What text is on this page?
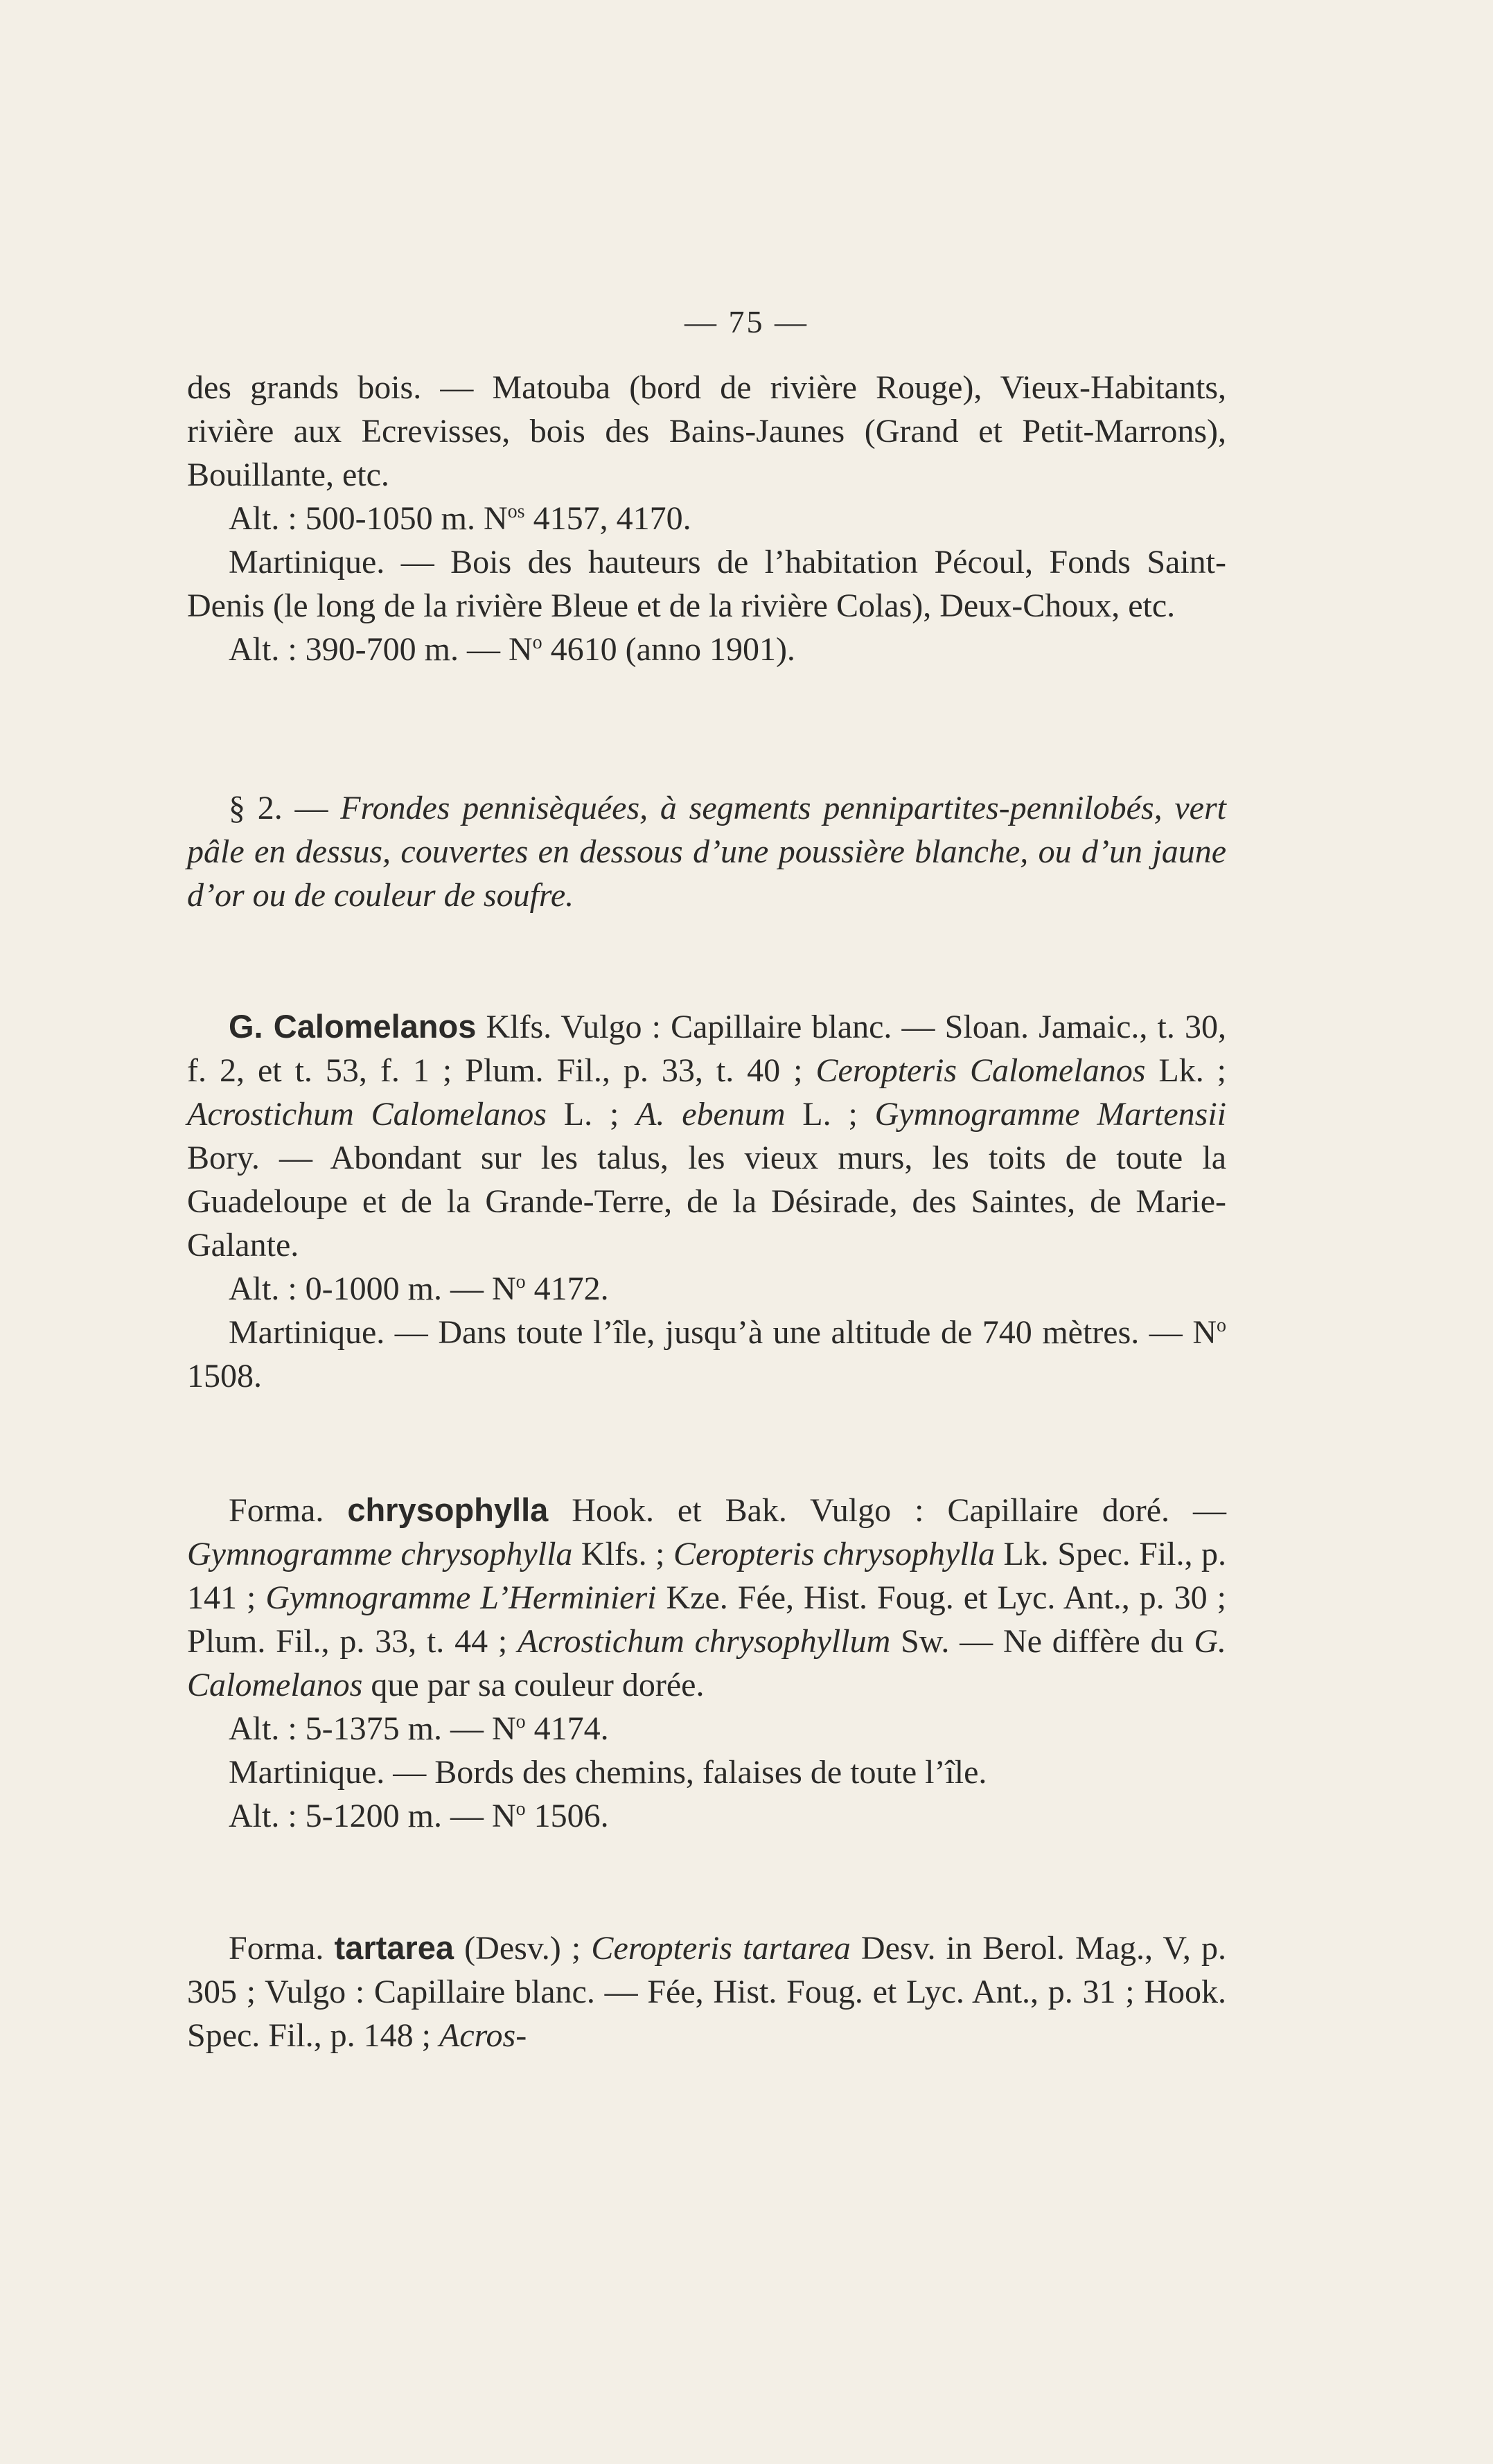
— 75 —

des grands bois. — Matouba (bord de rivière Rouge), Vieux-Habitants, rivière aux Ecrevisses, bois des Bains-Jaunes (Grand et Petit-Marrons), Bouillante, etc.

Alt. : 500-1050 m. $N^{os}$ 4157, 4170.

Martinique. — Bois des hauteurs de l’habitation Pécoul, Fonds Saint-Denis (le long de la rivière Bleue et de la rivière Colas), Deux-Choux, etc.

Alt. : 390-700 m. — $N^o$ 4610 (anno 1901).

§ 2. — Frondes pennisèquées, à segments pennipartites-pennilobés, vert pâle en dessus, couvertes en dessous d’une poussière blanche, ou d’un jaune d’or ou de couleur de soufre.

G. Calomelanos Klfs. Vulgo : Capillaire blanc. — Sloan. Jamaic., t. 30, f. 2, et t. 53, f. 1 ; Plum. Fil., p. 33, t. 40 ; Ceropteris Calomelanos Lk. ; Acrostichum Calomelanos L. ; A. ebenum L. ; Gymnogramme Martensii Bory. — Abondant sur les talus, les vieux murs, les toits de toute la Guadeloupe et de la Grande-Terre, de la Désirade, des Saintes, de Marie-Galante.

Alt. : 0-1000 m. — $N^o$ 4172.

Martinique. — Dans toute l’île, jusqu’à une altitude de 740 mètres. — $N^o$ 1508.

Forma. chrysophylla Hook. et Bak. Vulgo : Capillaire doré. — Gymnogramme chrysophylla Klfs. ; Ceropteris chrysophylla Lk. Spec. Fil., p. 141 ; Gymnogramme L’Herminieri Kze. Fée, Hist. Foug. et Lyc. Ant., p. 30 ; Plum. Fil., p. 33, t. 44 ; Acrostichum chrysophyllum Sw. — Ne diffère du G. Calomelanos que par sa couleur dorée.

Alt. : 5-1375 m. — $N^o$ 4174.

Martinique. — Bords des chemins, falaises de toute l’île.

Alt. : 5-1200 m. — $N^o$ 1506.

Forma. tartarea (Desv.) ; Ceropteris tartarea Desv. in Berol. Mag., V, p. 305 ; Vulgo : Capillaire blanc. — Fée, Hist. Foug. et Lyc. Ant., p. 31 ; Hook. Spec. Fil., p. 148 ; Acros-
